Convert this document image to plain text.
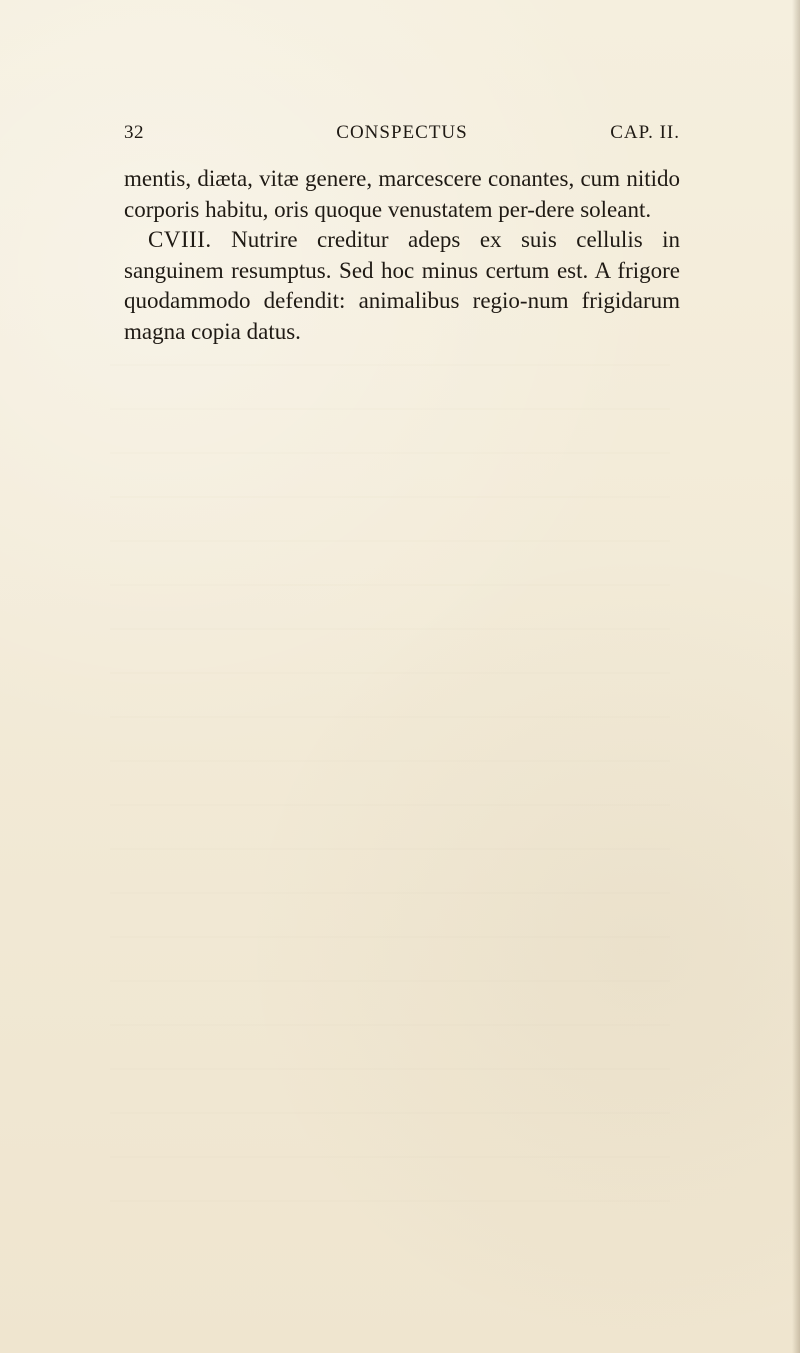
32	CONSPECTUS	CAP. II.

mentis, diæta, vitæ genere, marcescere conantes, cum nitido corporis habitu, oris quoque venustatem per-dere soleant.

CVIII. Nutrire creditur adeps ex suis cellulis in sanguinem resumptus. Sed hoc minus certum est. A frigore quodammodo defendit: animalibus regio-num frigidarum magna copia datus.
